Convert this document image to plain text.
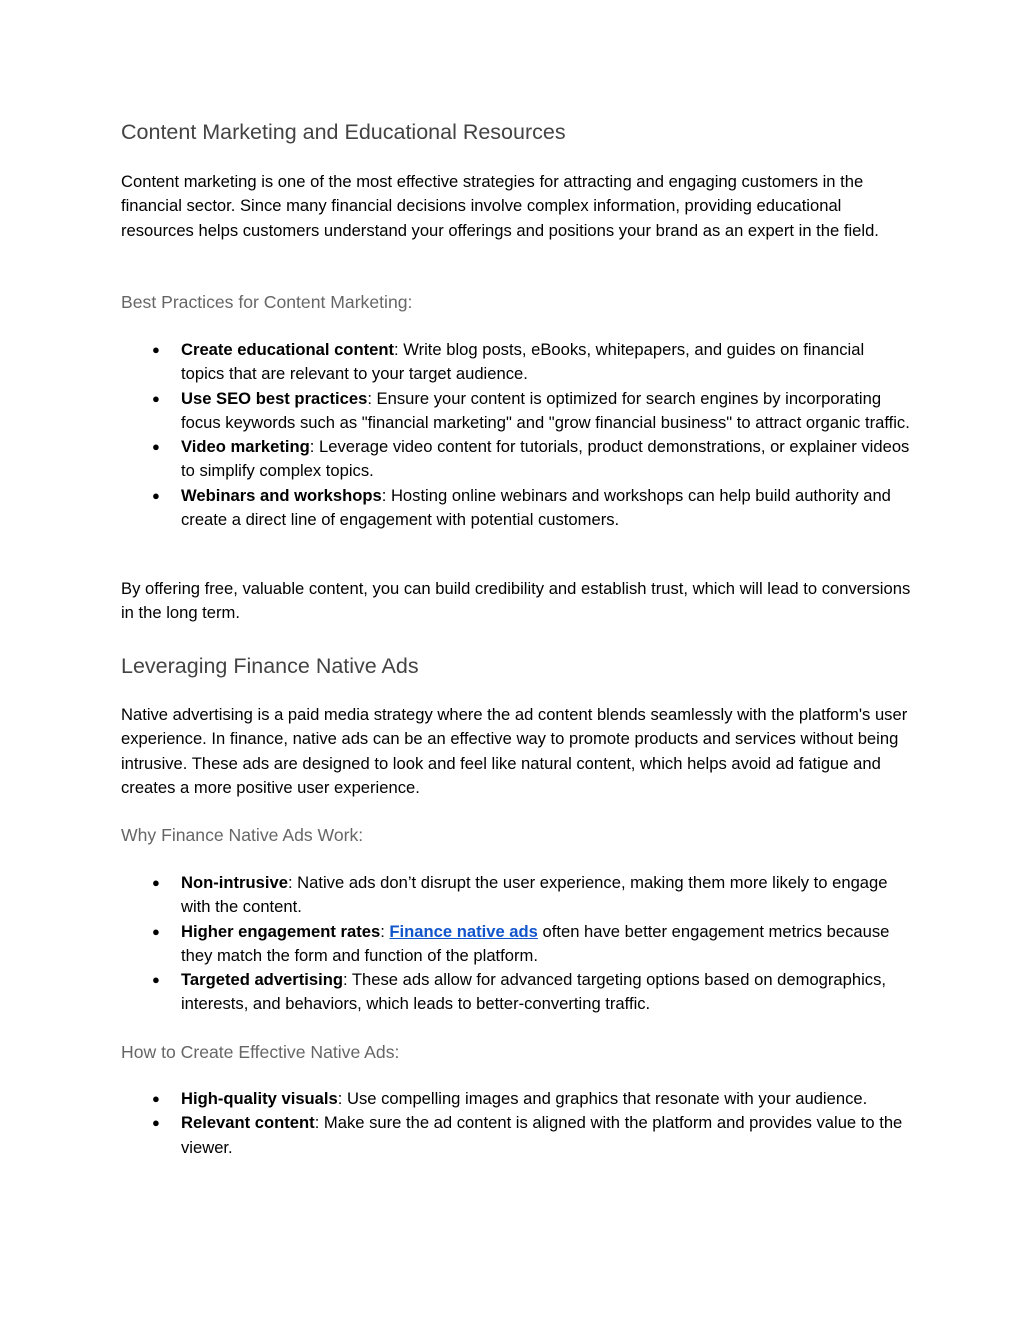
Content Marketing and Educational Resources

Content marketing is one of the most effective strategies for attracting and engaging customers in the financial sector. Since many financial decisions involve complex information, providing educational resources helps customers understand your offerings and positions your brand as an expert in the field.

Best Practices for Content Marketing:
● Create educational content: Write blog posts, eBooks, whitepapers, and guides on financial topics that are relevant to your target audience.
● Use SEO best practices: Ensure your content is optimized for search engines by incorporating focus keywords such as "financial marketing" and "grow financial business" to attract organic traffic.
● Video marketing: Leverage video content for tutorials, product demonstrations, or explainer videos to simplify complex topics.
● Webinars and workshops: Hosting online webinars and workshops can help build authority and create a direct line of engagement with potential customers.

By offering free, valuable content, you can build credibility and establish trust, which will lead to conversions in the long term.

Leveraging Finance Native Ads

Native advertising is a paid media strategy where the ad content blends seamlessly with the platform's user experience. In finance, native ads can be an effective way to promote products and services without being intrusive. These ads are designed to look and feel like natural content, which helps avoid ad fatigue and creates a more positive user experience.

Why Finance Native Ads Work:
● Non-intrusive: Native ads don’t disrupt the user experience, making them more likely to engage with the content.
● Higher engagement rates: Finance native ads often have better engagement metrics because they match the form and function of the platform.
● Targeted advertising: These ads allow for advanced targeting options based on demographics, interests, and behaviors, which leads to better-converting traffic.
How to Create Effective Native Ads:
● High-quality visuals: Use compelling images and graphics that resonate with your audience.
● Relevant content: Make sure the ad content is aligned with the platform and provides value to the viewer.
